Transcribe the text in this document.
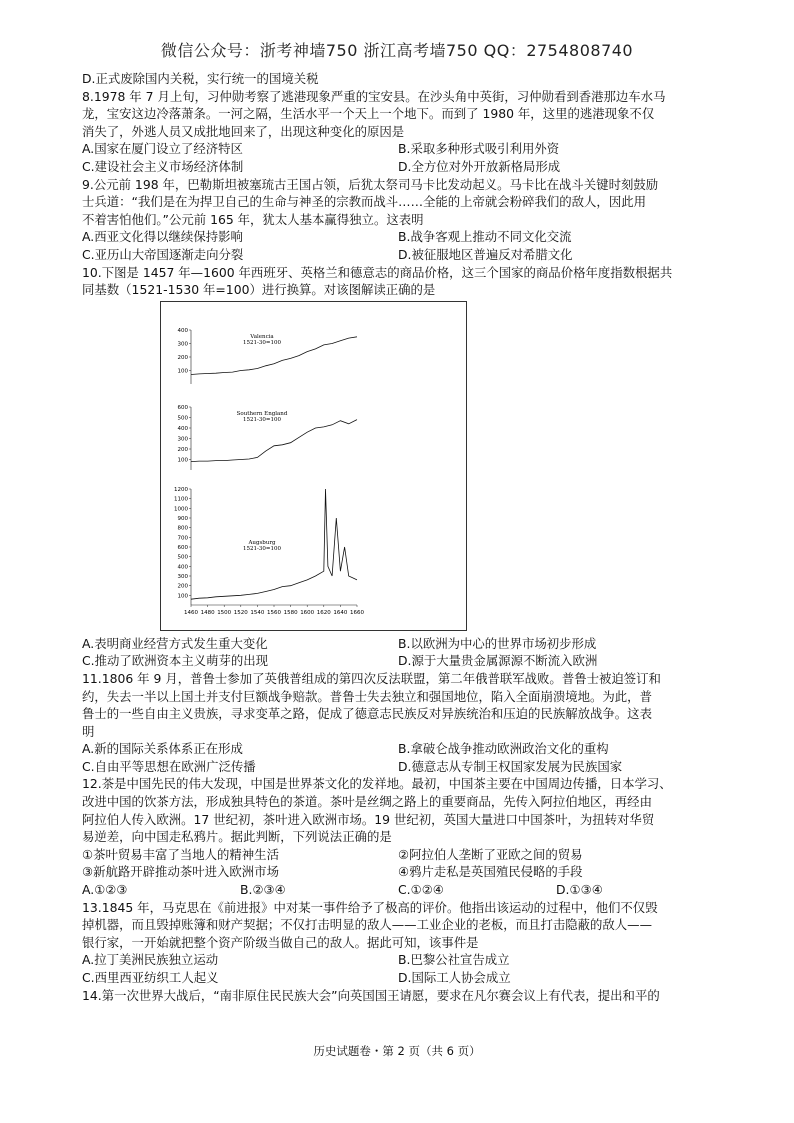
微信公众号：浙考神墙750 浙江高考墙750 QQ：2754808740
D.正式废除国内关税，实行统一的国境关税
8.1978 年 7 月上旬，习仲勋考察了逃港现象严重的宝安县。在沙头角中英街，习仲勋看到香港那边车水马
龙，宝安这边冷落萧条。一河之隔，生活水平一个天上一个地下。而到了 1980 年，这里的逃港现象不仅
消失了，外逃人员又成批地回来了，出现这种变化的原因是
A.国家在厦门设立了经济特区	B.采取多种形式吸引利用外资
C.建设社会主义市场经济体制	D.全方位对外开放新格局形成
9.公元前 198 年，巴勒斯坦被塞琉古王国占领，后犹太祭司马卡比发动起义。马卡比在战斗关键时刻鼓励
士兵道：“我们是在为捍卫自己的生命与神圣的宗教而战斗……全能的上帝就会粉碎我们的敌人，因此用
不着害怕他们。”公元前 165 年，犹太人基本赢得独立。这表明
A.西亚文化得以继续保持影响	B.战争客观上推动不同文化交流
C.亚历山大帝国逐渐走向分裂	D.被征服地区普遍反对希腊文化
10.下图是 1457 年—1600 年西班牙、英格兰和德意志的商品价格，这三个国家的商品价格年度指数根据共
同基数（1521-1530 年=100）进行换算。对该图解读正确的是
100
200
300
400
Valencia
1521-30=100
100
200
300
400
500
600
Southern England
1521-30=100
100
200
300
400
500
600
700
800
900
1000
1100
1200
Augsburg
1521-30=100
1460 1480 1500 1520 1540 1560 1580 1600 1620 1640 1660
A.表明商业经营方式发生重大变化	B.以欧洲为中心的世界市场初步形成
C.推动了欧洲资本主义萌芽的出现	D.源于大量贵金属源源不断流入欧洲
11.1806 年 9 月，普鲁士参加了英俄普组成的第四次反法联盟，第二年俄普联军战败。普鲁士被迫签订和
约，失去一半以上国土并支付巨额战争赔款。普鲁士失去独立和强国地位，陷入全面崩溃境地。为此，普
鲁士的一些自由主义贵族，寻求变革之路，促成了德意志民族反对异族统治和压迫的民族解放战争。这表
明
A.新的国际关系体系正在形成	B.拿破仑战争推动欧洲政治文化的重构
C.自由平等思想在欧洲广泛传播	D.德意志从专制王权国家发展为民族国家
12.茶是中国先民的伟大发现，中国是世界茶文化的发祥地。最初，中国茶主要在中国周边传播，日本学习、
改进中国的饮茶方法，形成独具特色的茶道。茶叶是丝绸之路上的重要商品，先传入阿拉伯地区，再经由
阿拉伯人传入欧洲。17 世纪初，茶叶进入欧洲市场。19 世纪初，英国大量进口中国茶叶，为扭转对华贸
易逆差，向中国走私鸦片。据此判断，下列说法正确的是
①茶叶贸易丰富了当地人的精神生活	②阿拉伯人垄断了亚欧之间的贸易
③新航路开辟推动茶叶进入欧洲市场	④鸦片走私是英国殖民侵略的手段
A.①②③	B.②③④	C.①②④	D.①③④
13.1845 年，马克思在《前进报》中对某一事件给予了极高的评价。他指出该运动的过程中，他们不仅毁
掉机器，而且毁掉账簿和财产契据；不仅打击明显的敌人——工业企业的老板，而且打击隐蔽的敌人——
银行家，一开始就把整个资产阶级当做自己的敌人。据此可知，该事件是
A.拉丁美洲民族独立运动	B.巴黎公社宣告成立
C.西里西亚纺织工人起义	D.国际工人协会成立
14.第一次世界大战后，“南非原住民民族大会”向英国国王请愿，要求在凡尔赛会议上有代表，提出和平的
历史试题卷・第 2 页（共 6 页）
